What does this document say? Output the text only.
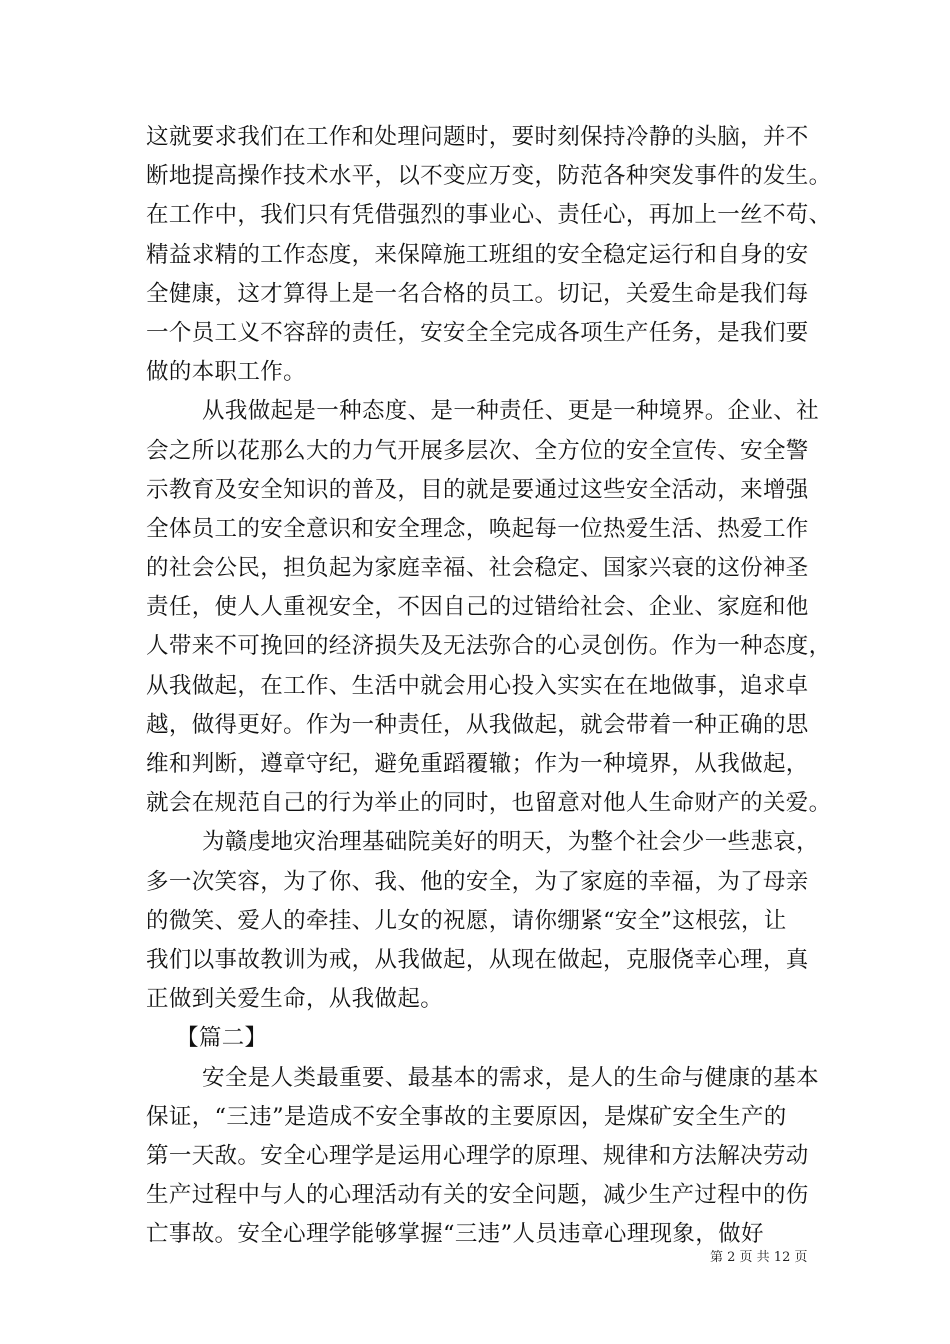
这就要求我们在工作和处理问题时，要时刻保持冷静的头脑，并不
断地提高操作技术水平，以不变应万变，防范各种突发事件的发生。
在工作中，我们只有凭借强烈的事业心、责任心，再加上一丝不苟、
精益求精的工作态度，来保障施工班组的安全稳定运行和自身的安
全健康，这才算得上是一名合格的员工。切记，关爱生命是我们每
一个员工义不容辞的责任，安安全全完成各项生产任务，是我们要
做的本职工作。
从我做起是一种态度、是一种责任、更是一种境界。企业、社
会之所以花那么大的力气开展多层次、全方位的安全宣传、安全警
示教育及安全知识的普及，目的就是要通过这些安全活动，来增强
全体员工的安全意识和安全理念，唤起每一位热爱生活、热爱工作
的社会公民，担负起为家庭幸福、社会稳定、国家兴衰的这份神圣
责任，使人人重视安全，不因自己的过错给社会、企业、家庭和他
人带来不可挽回的经济损失及无法弥合的心灵创伤。作为一种态度，
从我做起，在工作、生活中就会用心投入实实在在地做事，追求卓
越，做得更好。作为一种责任，从我做起，就会带着一种正确的思
维和判断，遵章守纪，避免重蹈覆辙；作为一种境界，从我做起，
就会在规范自己的行为举止的同时，也留意对他人生命财产的关爱。
为赣虔地灾治理基础院美好的明天，为整个社会少一些悲哀，
多一次笑容，为了你、我、他的安全，为了家庭的幸福，为了母亲
的微笑、爱人的牵挂、儿女的祝愿，请你绷紧“安全”这根弦，让
我们以事故教训为戒，从我做起，从现在做起，克服侥幸心理，真
正做到关爱生命，从我做起。
【篇二】
安全是人类最重要、最基本的需求，是人的生命与健康的基本
保证，“三违”是造成不安全事故的主要原因，是煤矿安全生产的
第一天敌。安全心理学是运用心理学的原理、规律和方法解决劳动
生产过程中与人的心理活动有关的安全问题，减少生产过程中的伤
亡事故。安全心理学能够掌握“三违”人员违章心理现象，做好
第 2 页 共 12 页
